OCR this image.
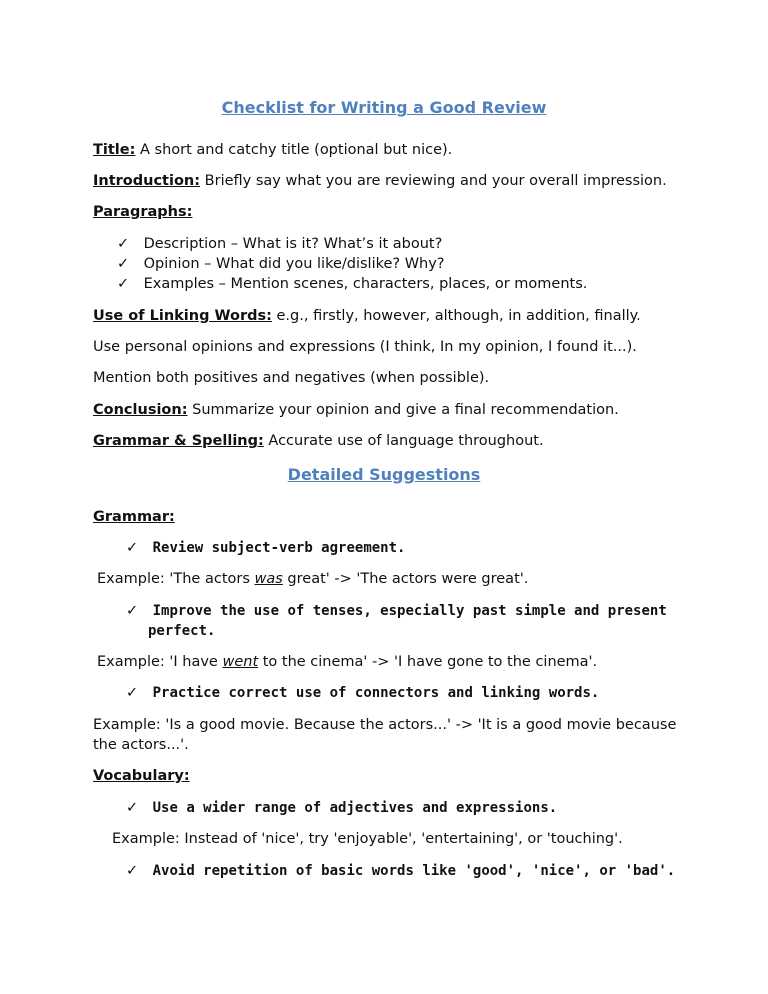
Checklist for Writing a Good Review
Title: A short and catchy title (optional but nice).
Introduction: Briefly say what you are reviewing and your overall impression.
Paragraphs:
✓ Description – What is it? What’s it about?
✓ Opinion – What did you like/dislike? Why?
✓ Examples – Mention scenes, characters, places, or moments.
Use of Linking Words: e.g., firstly, however, although, in addition, finally.
Use personal opinions and expressions (I think, In my opinion, I found it...).
Mention both positives and negatives (when possible).
Conclusion: Summarize your opinion and give a final recommendation.
Grammar & Spelling: Accurate use of language throughout.
Detailed Suggestions
Grammar:
✓ Review subject-verb agreement.
Example: 'The actors was great' -> 'The actors were great'.
✓ Improve the use of tenses, especially past simple and present
perfect.
Example: 'I have went to the cinema' -> 'I have gone to the cinema'.
✓ Practice correct use of connectors and linking words.
Example: 'Is a good movie. Because the actors...' -> 'It is a good movie because
the actors...'.
Vocabulary:
✓ Use a wider range of adjectives and expressions.
Example: Instead of 'nice', try 'enjoyable', 'entertaining', or 'touching'.
✓ Avoid repetition of basic words like 'good', 'nice', or 'bad'.
